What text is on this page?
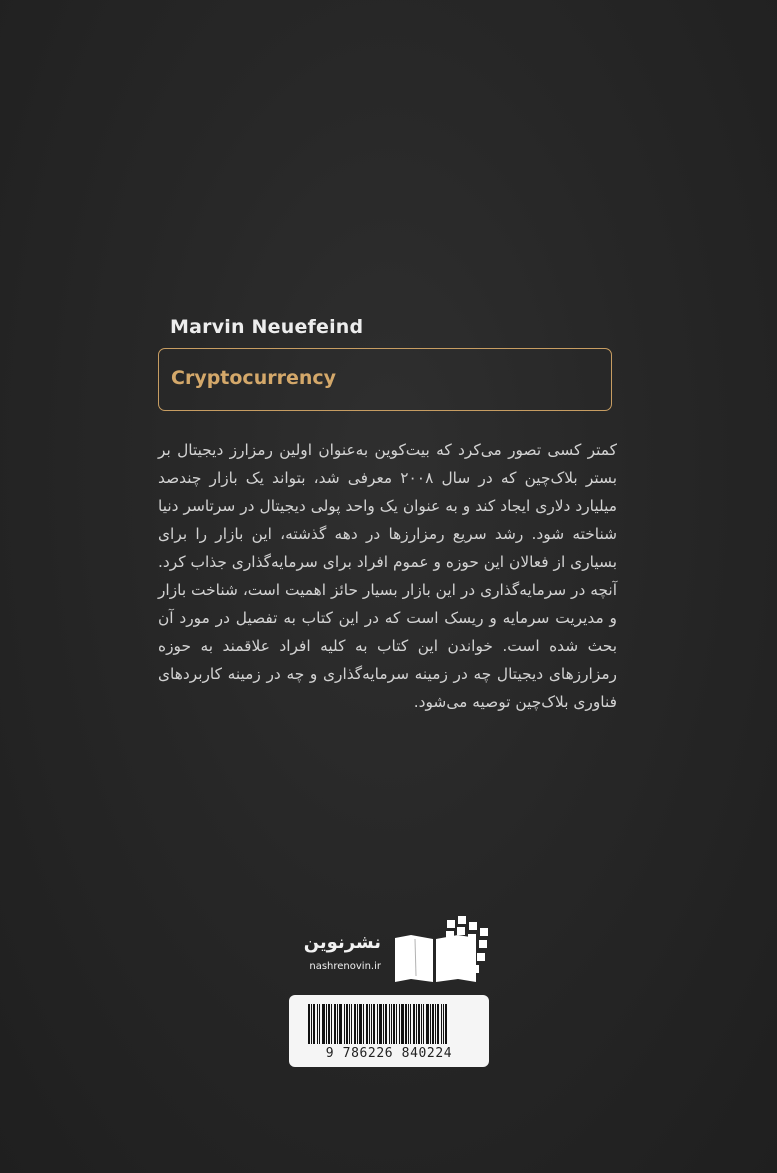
Marvin Neuefeind
Cryptocurrency

کمتر کسی تصور می‌کرد که بیت‌کوین به‌عنوان اولین رمزارز دیجیتال بر بستر بلاک‌چین که در سال ۲۰۰۸ معرفی شد، بتواند یک بازار چندصد میلیارد دلاری ایجاد کند و به عنوان یک واحد پولی دیجیتال در سرتاسر دنیا شناخته شود. رشد سریع رمزارزها در دهه گذشته، این بازار را برای بسیاری از فعالان این حوزه و عموم افراد برای سرمایه‌گذاری جذاب کرد. آنچه در سرمایه‌گذاری در این بازار بسیار حائز اهمیت است، شناخت بازار و مدیریت سرمایه و ریسک است که در این کتاب به تفصیل در مورد آن بحث شده است. خواندن این کتاب به کلیه افراد علاقمند به حوزه رمزارزهای دیجیتال چه در زمینه سرمایه‌گذاری و چه در زمینه کاربردهای فناوری بلاک‌چین توصیه می‌شود.

نشرنوین
nashrenovin.ir
9 786226 840224
